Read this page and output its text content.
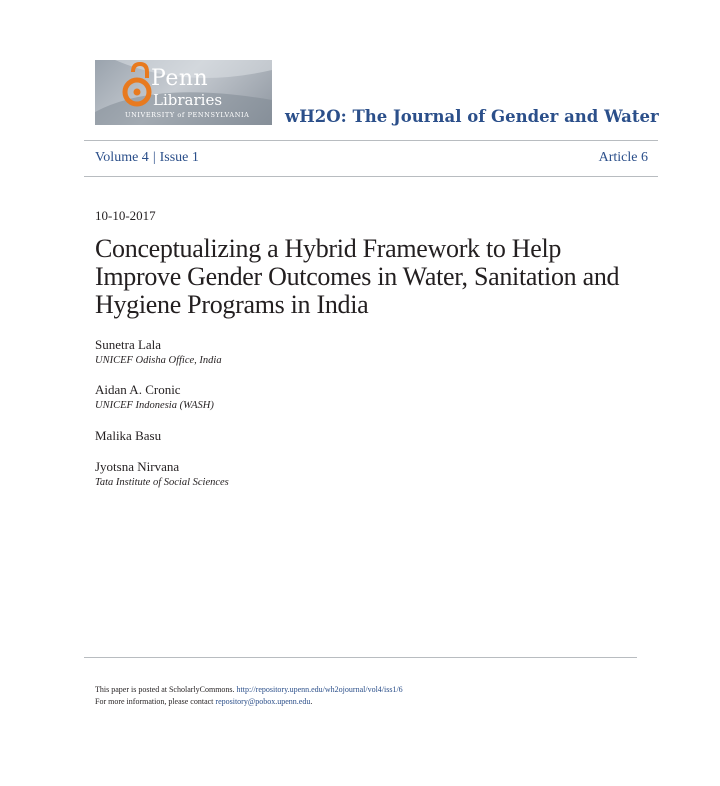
Penn
Libraries
UNIVERSITY of PENNSYLVANIA wH2O: The Journal of Gender and Water
Volume 4 | Issue 1	Article 6
10-10-2017
Conceptualizing a Hybrid Framework to Help Improve Gender Outcomes in Water, Sanitation and Hygiene Programs in India
Sunetra Lala
UNICEF Odisha Office, India
Aidan A. Cronic
UNICEF Indonesia (WASH)
Malika Basu
Jyotsna Nirvana
Tata Institute of Social Sciences
This paper is posted at ScholarlyCommons. http://repository.upenn.edu/wh2ojournal/vol4/iss1/6
For more information, please contact repository@pobox.upenn.edu.
